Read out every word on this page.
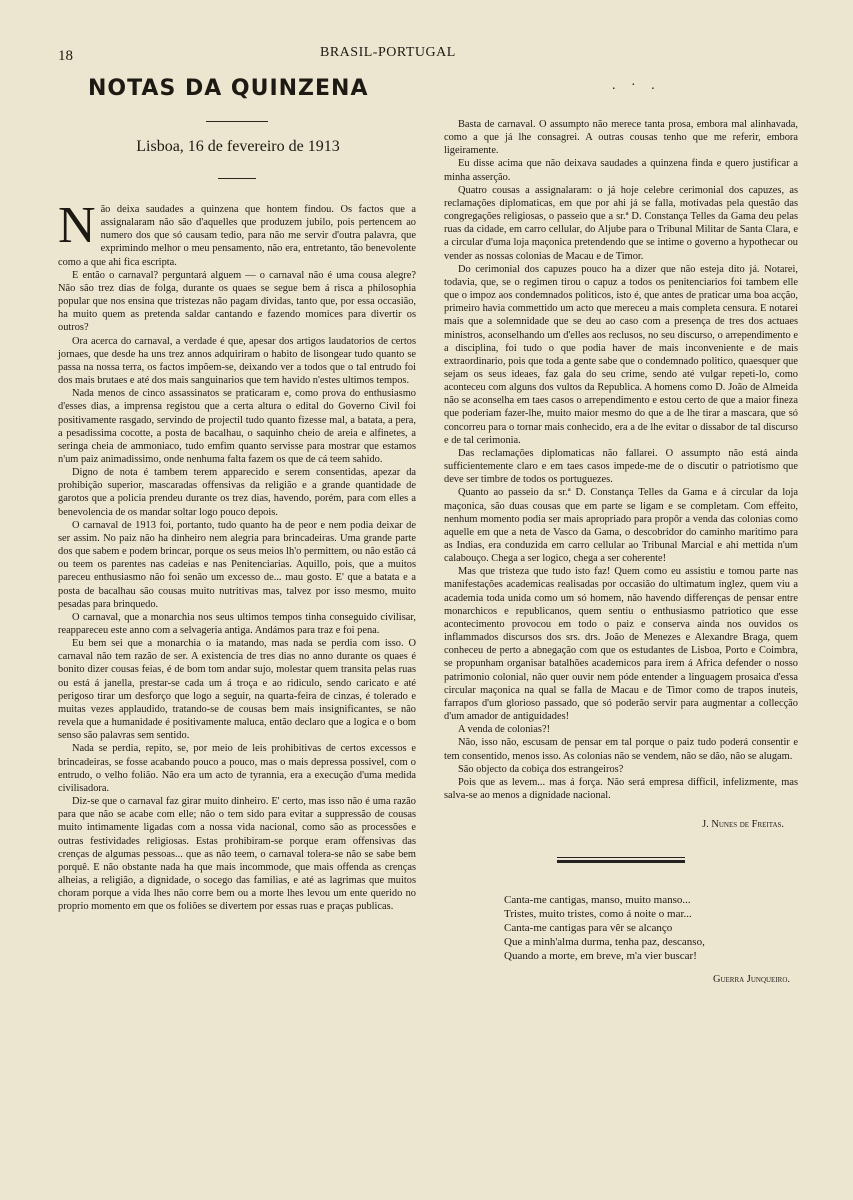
18	BRASIL-PORTUGAL
. · .
NOTAS DA QUINZENA
Lisboa, 16 de fevereiro de 1913

Não deixa saudades a quinzena que hontem findou. Os factos que a assignalaram não são d'aquelles que produzem jubilo, pois pertencem ao numero dos que só causam tedio, para não me servir d'outra palavra, que exprimindo melhor o meu pensamento, não era, entretanto, tão benevolente como a que ahi fica escripta.

E então o carnaval? perguntará alguem — o carnaval não é uma cousa alegre? Não são trez dias de folga, durante os quaes se segue bem á risca a philosophia popular que nos ensina que tristezas não pagam dividas, tanto que, por essa occasião, ha muito quem as pretenda saldar cantando e fazendo momices para divertir os outros?

Ora acerca do carnaval, a verdade é que, apesar dos artigos laudatorios de certos jornaes, que desde ha uns trez annos adquiriram o habito de lisongear tudo quanto se passa na nossa terra, os factos impõem-se, deixando ver a todos que o tal entrudo foi dos mais brutaes e até dos mais sanguinarios que tem havido n'estes ultimos tempos.

Nada menos de cinco assassinatos se praticaram e, como prova do enthusiasmo d'esses dias, a imprensa registou que a certa altura o edital do Governo Civil foi positivamente rasgado, servindo de projectil tudo quanto fizesse mal, a batata, a pera, a pesadissima cocotte, a posta de bacalhau, o saquinho cheio de areia e alfinetes, a seringa cheia de ammoniaco, tudo emfim quanto servisse para mostrar que estamos n'um paiz animadissimo, onde nenhuma falta fazem os que de cá teem sahido.

Digno de nota é tambem terem apparecido e serem consentidas, apezar da prohibição superior, mascaradas offensivas da religião e a grande quantidade de garotos que a policia prendeu durante os trez dias, havendo, porém, para com elles a benevolencia de os mandar soltar logo pouco depois.

O carnaval de 1913 foi, portanto, tudo quanto ha de peor e nem podia deixar de ser assim. No paiz não ha dinheiro nem alegria para brincadeiras. Uma grande parte dos que sabem e podem brincar, porque os seus meios lh'o permittem, ou não estão cá ou teem os parentes nas cadeias e nas Penitenciarias. Aquillo, pois, que a muitos pareceu enthusiasmo não foi senão um excesso de... mau gosto. E' que a batata e a posta de bacalhau são cousas muito nutritivas mas, talvez por isso mesmo, muito pesadas para brinquedo.

O carnaval, que a monarchia nos seus ultimos tempos tinha conseguido civilisar, reappareceu este anno com a selvageria antiga. Andámos para traz e foi pena.

Eu bem sei que a monarchia o ia matando, mas nada se perdia com isso. O carnaval não tem razão de ser. A existencia de tres dias no anno durante os quaes é bonito dizer cousas feias, é de bom tom andar sujo, molestar quem transita pelas ruas ou está á janella, prestar-se cada um á troça e ao ridiculo, sendo caricato e até perigoso tirar um desforço que logo a seguir, na quarta-feira de cinzas, é tolerado e muitas vezes applaudido, tratando-se de cousas bem mais insignificantes, se não revela que a humanidade é positivamente maluca, então declaro que a logica e o bom senso são palavras sem sentido.

Nada se perdia, repito, se, por meio de leis prohibitivas de certos excessos e brincadeiras, se fosse acabando pouco a pouco, mas o mais depressa possivel, com o entrudo, o velho folião. Não era um acto de tyrannia, era a execução d'uma medida civilisadora.

Diz-se que o carnaval faz girar muito dinheiro. E' certo, mas isso não é uma razão para que não se acabe com elle; não o tem sido para evitar a suppressão de cousas muito intimamente ligadas com a nossa vida nacional, como são as processões e outras festividades religiosas. Estas prohibiram-se porque eram offensivas das crenças de algumas pessoas... que as não teem, o carnaval tolera-se não se sabe bem porquê. E não obstante nada ha que mais incommode, que mais offenda as crenças alheias, a religião, a dignidade, o socego das familias, e até as lagrimas que muitos choram porque a vida lhes não corre bem ou a morte lhes levou um ente querido no proprio momento em que os foliões se divertem por essas ruas e praças publicas.

Basta de carnaval. O assumpto não merece tanta prosa, embora mal alinhavada, como a que já lhe consagrei. A outras cousas tenho que me referir, embora ligeiramente.

Eu disse acima que não deixava saudades a quinzena finda e quero justificar a minha asserção.

Quatro cousas a assignalaram: o já hoje celebre cerimonial dos capuzes, as reclamações diplomaticas, em que por ahi já se falla, motivadas pela questão das congregações religiosas, o passeio que a sr.ª D. Constança Telles da Gama deu pelas ruas da cidade, em carro cellular, do Aljube para o Tribunal Militar de Santa Clara, e a circular d'uma loja maçonica pretendendo que se intime o governo a hypothecar ou vender as nossas colonias de Macau e de Timor.

Do cerimonial dos capuzes pouco ha a dizer que não esteja dito já. Notarei, todavia, que, se o regimen tirou o capuz a todos os penitenciarios foi tambem elle que o impoz aos condemnados politicos, isto é, que antes de praticar uma boa acção, primeiro havia commettido um acto que mereceu a mais completa censura. E notarei mais que a solemnidade que se deu ao caso com a presença de tres dos actuaes ministros, aconselhando um d'elles aos reclusos, no seu discurso, o arrependimento e a disciplina, foi tudo o que podia haver de mais inconveniente e de mais extraordinario, pois que toda a gente sabe que o condemnado politico, quaesquer que sejam os seus ideaes, faz gala do seu crime, sendo até vulgar repeti-lo, como aconteceu com alguns dos vultos da Republica. A homens como D. João de Almeida não se aconselha em taes casos o arrependimento e estou certo de que a maior fineza que poderiam fazer-lhe, muito maior mesmo do que a de lhe tirar a mascara, que só concorreu para o tornar mais conhecido, era a de lhe evitar o dissabor de tal discurso e de tal cerimonia.

Das reclamações diplomaticas não fallarei. O assumpto não está ainda sufficientemente claro e em taes casos impede-me de o discutir o patriotismo que deve ser timbre de todos os portuguezes.

Quanto ao passeio da sr.ª D. Constança Telles da Gama e á circular da loja maçonica, são duas cousas que em parte se ligam e se completam. Com effeito, nenhum momento podia ser mais apropriado para propôr a venda das colonias como aquelle em que a neta de Vasco da Gama, o descobridor do caminho maritimo para as Indias, era conduzida em carro cellular ao Tribunal Marcial e ahi mettida n'um calabouço. Chega a ser logico, chega a ser coherente!

Mas que tristeza que tudo isto faz! Quem como eu assistiu e tomou parte nas manifestações academicas realisadas por occasião do ultimatum inglez, quem viu a academia toda unida como um só homem, não havendo differenças de pensar entre monarchicos e republicanos, quem sentiu o enthusiasmo patriotico que esse acontecimento provocou em todo o paiz e conserva ainda nos ouvidos os inflammados discursos dos srs. drs. João de Menezes e Alexandre Braga, quem conheceu de perto a abnegação com que os estudantes de Lisboa, Porto e Coimbra, se propunham organisar batalhões academicos para irem á Africa defender o nosso patrimonio colonial, não quer ouvir nem póde entender a linguagem prosaica d'essa circular maçonica na qual se falla de Macau e de Timor como de trapos inuteis, farrapos d'um glorioso passado, que só poderão servir para augmentar a collecção d'um amador de antiguidades!

A venda de colonias?!

Não, isso não, escusam de pensar em tal porque o paiz tudo poderá consentir e tem consentido, menos isso. As colonias não se vendem, não se dão, não se alugam.

São objecto da cobiça dos estrangeiros?

Pois que as levem... mas á força. Não será empresa difficil, infelizmente, mas salva-se ao menos a dignidade nacional.

J. Nunes de Freitas.
Canta-me cantigas, manso, muito manso...
Tristes, muito tristes, como á noite o mar...
Canta-me cantigas para vêr se alcanço
Que a minh'alma durma, tenha paz, descanso,
Quando a morte, em breve, m'a vier buscar!
Guerra Junqueiro.
